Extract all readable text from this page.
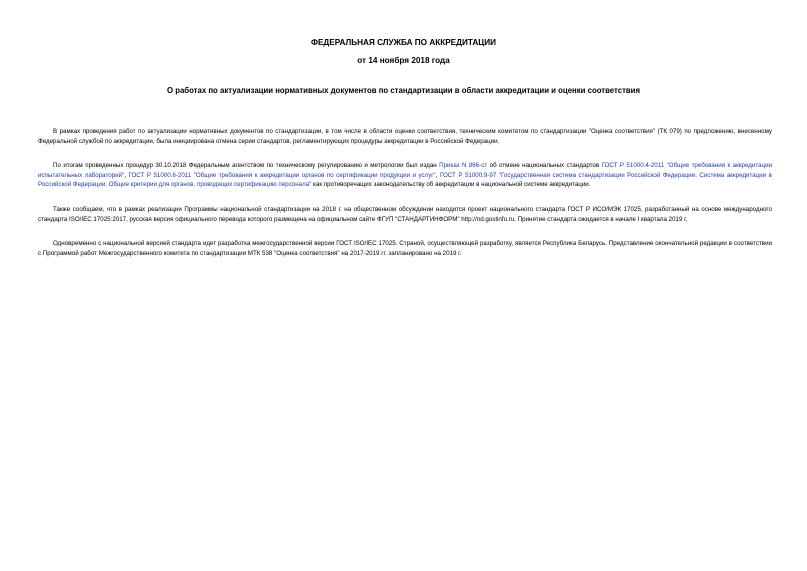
ФЕДЕРАЛЬНАЯ СЛУЖБА ПО АККРЕДИТАЦИИ
от 14 ноября 2018 года
О работах по актуализации нормативных документов по стандартизации в области аккредитации и оценки соответствия

В рамках проведения работ по актуализации нормативных документов по стандартизации, в том числе в области оценки соответствия, техническим комитетом по стандартизации "Оценка соответствия" (ТК 079) по предложению, внесенному Федеральной службой по аккредитации, была инициирована отмена серии стандартов, регламентирующих процедуры аккредитации в Российской Федерации.

По итогам проведенных процедур 30.10.2018 Федеральным агентством по техническому регулированию и метрологии был издан Приказ N 866-ст об отмене национальных стандартов ГОСТ Р 51000.4-2011 "Общие требования к аккредитации испытательных лабораторий", ГОСТ Р 51000.6-2011 "Общие требования к аккредитации органов по сертификации продукции и услуг", ГОСТ Р 51000.9-97 "Государственная система стандартизации Российской Федерации. Система аккредитации в Российской Федерации. Общие критерии для органов, проводящих сертификацию персонала" как противоречащих законодательству об аккредитации в национальной системе аккредитации.

Также сообщаем, что в рамках реализации Программы национальной стандартизации на 2018 г. на общественном обсуждении находится проект национального стандарта ГОСТ Р ИСО/МЭК 17025, разработанный на основе международного стандарта ISO/IEC 17025:2017, русская версия официального перевода которого размещена на официальном сайте ФГУП "СТАНДАРТИНФОРМ" http://nd.gostinfo.ru. Принятие стандарта ожидается в начале I квартала 2019 г.

Одновременно с национальной версией стандарта идет разработка межгосударственной версии ГОСТ ISO/IEC 17025. Страной, осуществляющей разработку, является Республика Беларусь. Представление окончательной редакции в соответствии с Программой работ Межгосударственного комитета по стандартизации МТК 538 "Оценка соответствия" на 2017-2019 гг. запланировано на 2019 г.
